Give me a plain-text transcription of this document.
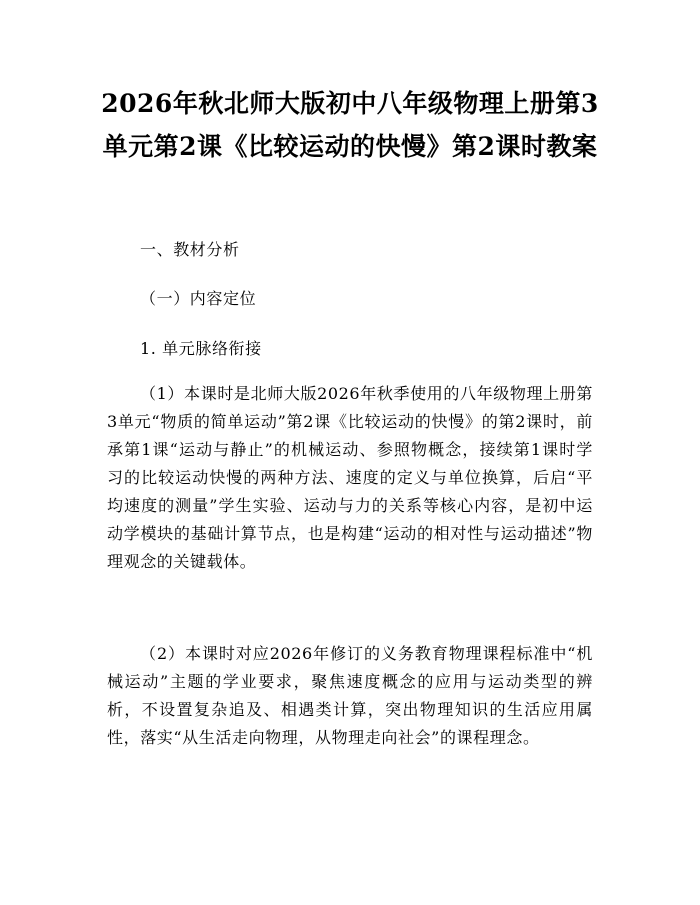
2026年秋北师大版初中八年级物理上册第3单元第2课《比较运动的快慢》第2课时教案

一、教材分析

（一）内容定位

1. 单元脉络衔接

（1）本课时是北师大版2026年秋季使用的八年级物理上册第3单元“物质的简单运动”第2课《比较运动的快慢》的第2课时，前承第1课“运动与静止”的机械运动、参照物概念，接续第1课时学习的比较运动快慢的两种方法、速度的定义与单位换算，后启“平均速度的测量”学生实验、运动与力的关系等核心内容，是初中运动学模块的基础计算节点，也是构建“运动的相对性与运动描述”物理观念的关键载体。

（2）本课时对应2026年修订的义务教育物理课程标准中“机械运动”主题的学业要求，聚焦速度概念的应用与运动类型的辨析，不设置复杂追及、相遇类计算，突出物理知识的生活应用属性，落实“从生活走向物理，从物理走向社会”的课程理念。
